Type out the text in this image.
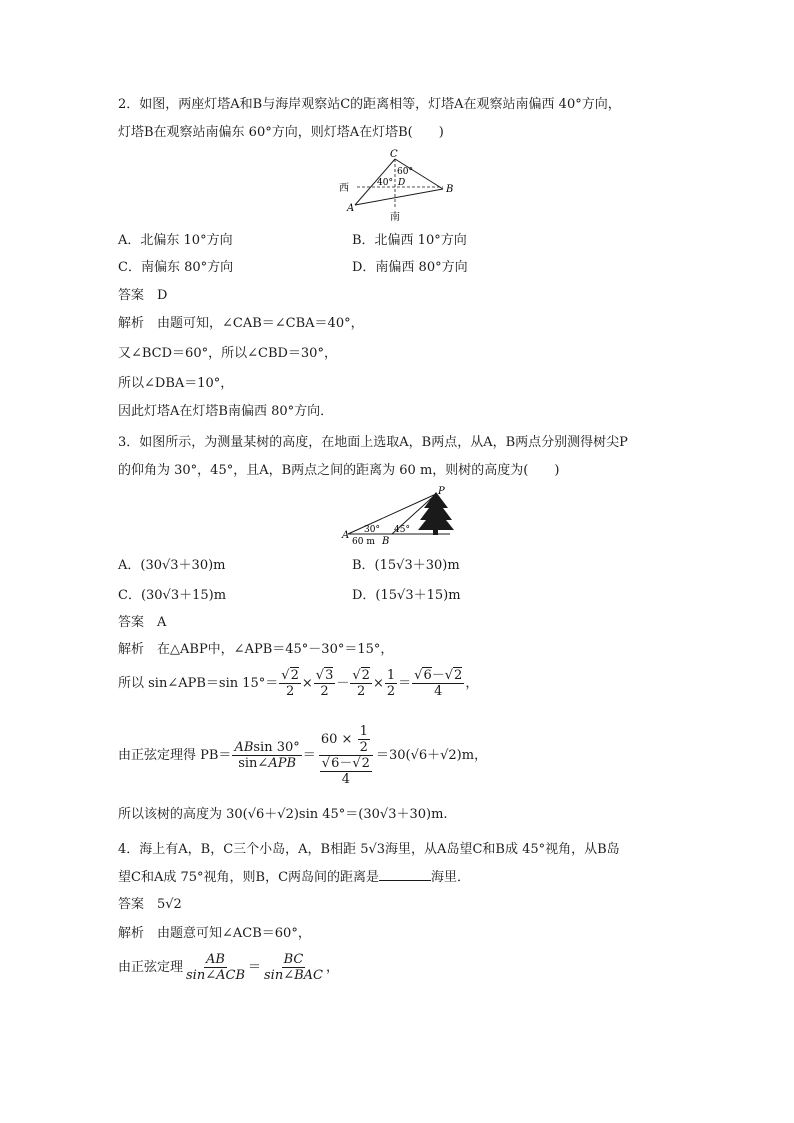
2．如图，两座灯塔A和B与海岸观察站C的距离相等，灯塔A在观察站南偏西 40°方向，
灯塔B在观察站南偏东 60°方向，则灯塔A在灯塔B(　　)
C
A
B
D
西
南
40°
60°
A．北偏东 10°方向	B．北偏西 10°方向
C．南偏东 80°方向	D．南偏西 80°方向
答案　D
解析　由题可知，∠CAB＝∠CBA＝40°，
又∠BCD＝60°，所以∠CBD＝30°，
所以∠DBA＝10°，
因此灯塔A在灯塔B南偏西 80°方向．
3．如图所示，为测量某树的高度，在地面上选取A，B两点，从A，B两点分别测得树尖P
的仰角为 30°，45°，且A，B两点之间的距离为 60 m，则树的高度为(　　)
P
A
B
30° 45°
60 m
A．(30√3＋30)m	B．(15√3＋30)m
C．(30√3＋15)m	D．(15√3＋15)m
答案　A
解析　在△ABP中，∠APB＝45°－30°＝15°，
所以 sin∠APB＝sin $15^\circ= \frac{√2}{2} \times \frac{√3}{2} - \frac{√2}{2} \times \frac{1}{2} = \frac{√6-√2}{4}$ ，
由正弦定理得 $PB= \frac{ABsin 30^\circ}{\text{sin∠APB}} = \frac{60 \times \frac{1}{2}}{\frac{√6-√2}{4}} =30(√6+√2)m$，
所以该树的高度为 30(√6＋√2)sin 45°＝(30√3＋30)m.
4．海上有A，B，C三个小岛，A，B相距 5√3海里，从A岛望C和B成 45°视角，从B岛
望C和A成 75°视角，则B，C两岛间的距离是	海里．
答案　5√2
解析　由题意可知∠ACB＝60°，
由正弦定理 $\frac{AB}{\text{sin∠ACB}} = \frac{BC}{\text{sin∠BAC}}$ ，
